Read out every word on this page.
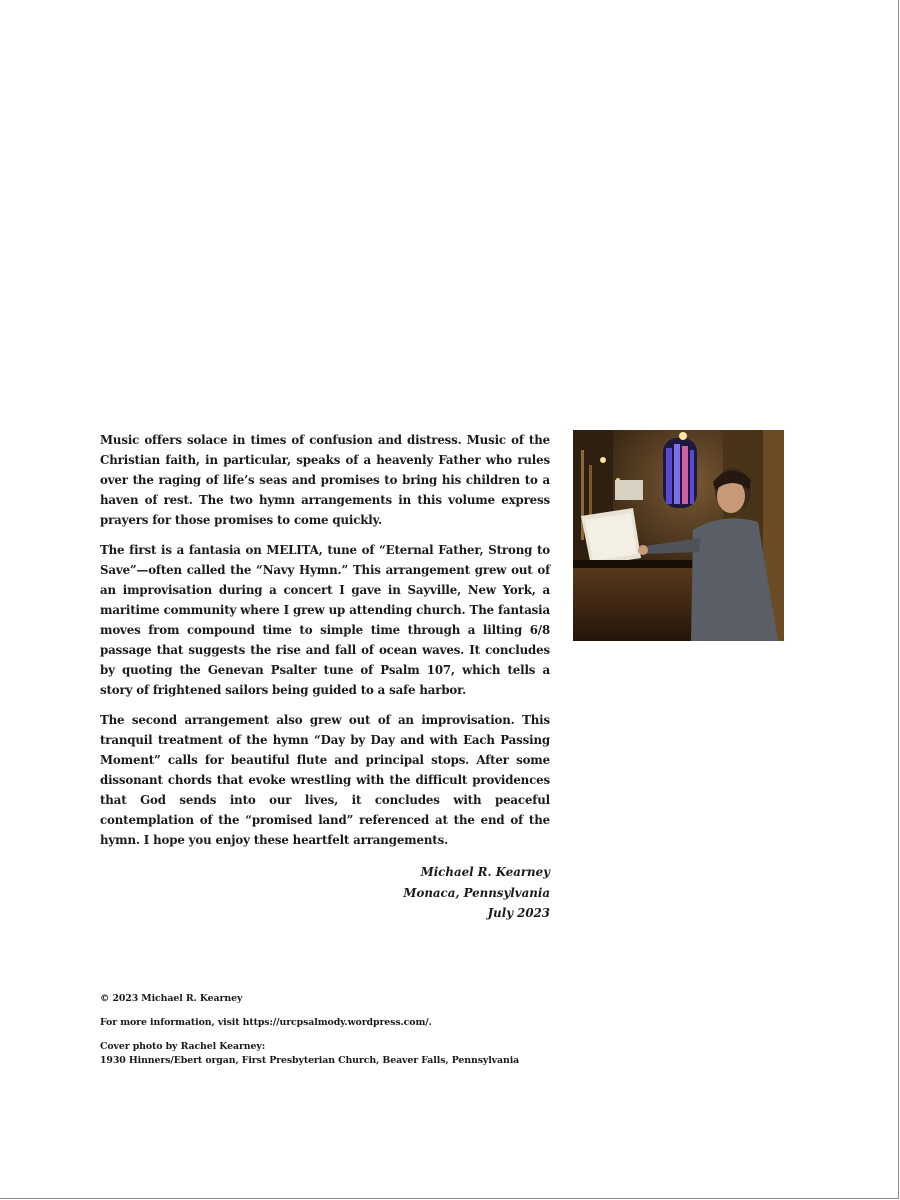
Music offers solace in times of confusion and distress. Music of the Christian faith, in particular, speaks of a heavenly Father who rules over the raging of life’s seas and promises to bring his children to a haven of rest. The two hymn arrangements in this volume express prayers for those promises to come quickly.

The first is a fantasia on MELITA, tune of “Eternal Father, Strong to Save”—often called the “Navy Hymn.” This arrangement grew out of an improvisation during a concert I gave in Sayville, New York, a maritime community where I grew up attending church. The fantasia moves from compound time to simple time through a lilting 6/8 passage that suggests the rise and fall of ocean waves. It concludes by quoting the Genevan Psalter tune of Psalm 107, which tells a story of frightened sailors being guided to a safe harbor.

The second arrangement also grew out of an improvisation. This tranquil treatment of the hymn “Day by Day and with Each Passing Moment” calls for beautiful flute and principal stops. After some dissonant chords that evoke wrestling with the difficult providences that God sends into our lives, it concludes with peaceful contemplation of the “promised land” referenced at the end of the hymn. I hope you enjoy these heartfelt arrangements.

Michael R. Kearney
Monaca, Pennsylvania
July 2023
© 2023 Michael R. Kearney
For more information, visit https://urcpsalmody.wordpress.com/.
Cover photo by Rachel Kearney:
1930 Hinners/Ebert organ, First Presbyterian Church, Beaver Falls, Pennsylvania
